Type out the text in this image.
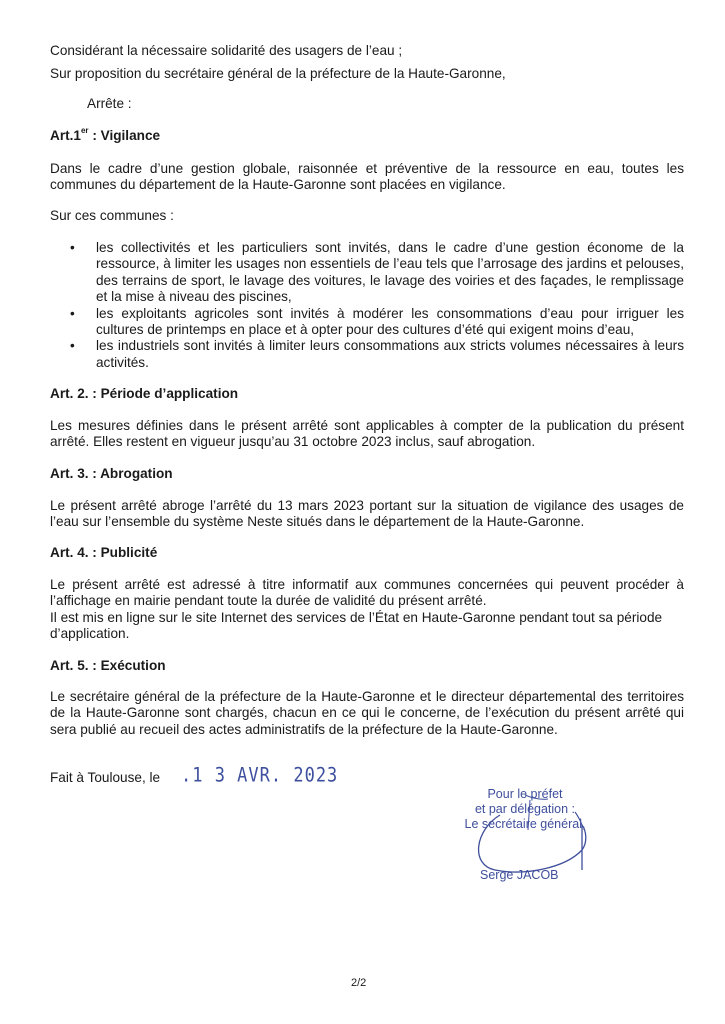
Considérant la nécessaire solidarité des usagers de l’eau ;

Sur proposition du secrétaire général de la préfecture de la Haute-Garonne,

Arrête :

Art.1er : Vigilance

Dans le cadre d’une gestion globale, raisonnée et préventive de la ressource en eau, toutes les communes du département de la Haute-Garonne sont placées en vigilance.

Sur ces communes :

• les collectivités et les particuliers sont invités, dans le cadre d’une gestion économe de la ressource, à limiter les usages non essentiels de l’eau tels que l’arrosage des jardins et pelouses, des terrains de sport, le lavage des voitures, le lavage des voiries et des façades, le remplissage et la mise à niveau des piscines,
• les exploitants agricoles sont invités à modérer les consommations d’eau pour irriguer les cultures de printemps en place et à opter pour des cultures d’été qui exigent moins d’eau,
• les industriels sont invités à limiter leurs consommations aux stricts volumes nécessaires à leurs activités.

Art. 2. : Période d’application

Les mesures définies dans le présent arrêté sont applicables à compter de la publication du présent arrêté. Elles restent en vigueur jusqu’au 31 octobre 2023 inclus, sauf abrogation.

Art. 3. : Abrogation

Le présent arrêté abroge l’arrêté du 13 mars 2023 portant sur la situation de vigilance des usages de l’eau sur l’ensemble du système Neste situés dans le département de la Haute-Garonne.

Art. 4. : Publicité

Le présent arrêté est adressé à titre informatif aux communes concernées qui peuvent procéder à l’affichage en mairie pendant toute la durée de validité du présent arrêté.

Il est mis en ligne sur le site Internet des services de l’État en Haute-Garonne pendant tout sa période d’application.

Art. 5. : Exécution

Le secrétaire général de la préfecture de la Haute-Garonne et le directeur départemental des territoires de la Haute-Garonne sont chargés, chacun en ce qui le concerne, de l’exécution du présent arrêté qui sera publié au recueil des actes administratifs de la préfecture de la Haute-Garonne.

Fait à Toulouse, le	.1 3 AVR. 2023
Pour le préfet
et par délégation :
Le secrétaire général,
Serge JACOB
2/2
